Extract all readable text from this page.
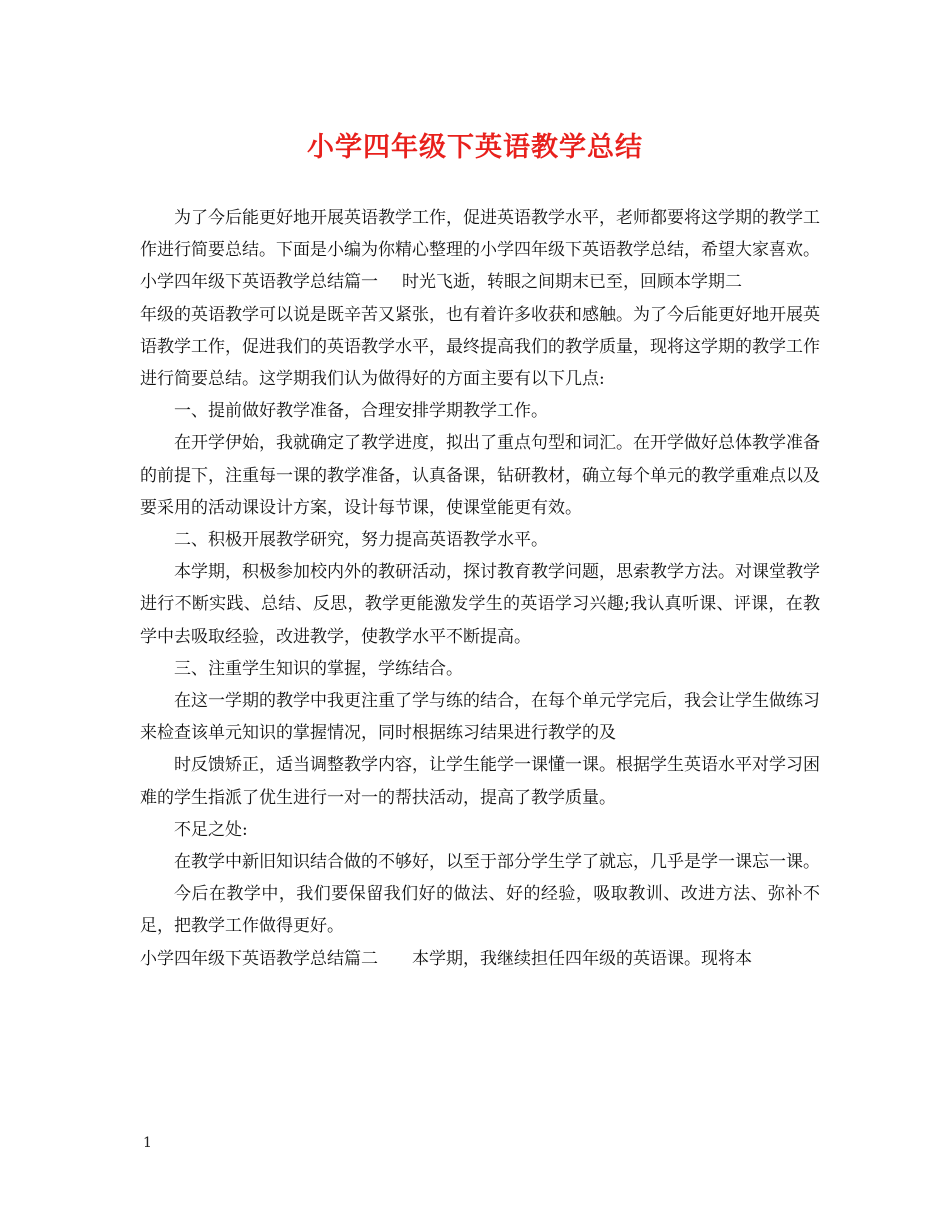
小学四年级下英语教学总结

为了今后能更好地开展英语教学工作，促进英语教学水平，老师都要将这学期的教学工作进行简要总结。下面是小编为你精心整理的小学四年级下英语教学总结，希望大家喜欢。

小学四年级下英语教学总结篇一 时光飞逝，转眼之间期末已至，回顾本学期二

年级的英语教学可以说是既辛苦又紧张，也有着许多收获和感触。为了今后能更好地开展英语教学工作，促进我们的英语教学水平，最终提高我们的教学质量，现将这学期的教学工作进行简要总结。这学期我们认为做得好的方面主要有以下几点:

一、提前做好教学准备，合理安排学期教学工作。

在开学伊始，我就确定了教学进度，拟出了重点句型和词汇。在开学做好总体教学准备的前提下，注重每一课的教学准备，认真备课，钻研教材，确立每个单元的教学重难点以及要采用的活动课设计方案，设计每节课，使课堂能更有效。

二、积极开展教学研究，努力提高英语教学水平。

本学期，积极参加校内外的教研活动，探讨教育教学问题，思索教学方法。对课堂教学进行不断实践、总结、反思，教学更能激发学生的英语学习兴趣;我认真听课、评课，在教学中去吸取经验，改进教学，使教学水平不断提高。

三、注重学生知识的掌握，学练结合。

在这一学期的教学中我更注重了学与练的结合，在每个单元学完后，我会让学生做练习来检查该单元知识的掌握情况，同时根据练习结果进行教学的及

时反馈矫正，适当调整教学内容，让学生能学一课懂一课。根据学生英语水平对学习困难的学生指派了优生进行一对一的帮扶活动，提高了教学质量。

不足之处:

在教学中新旧知识结合做的不够好，以至于部分学生学了就忘，几乎是学一课忘一课。

今后在教学中，我们要保留我们好的做法、好的经验，吸取教训、改进方法、弥补不足，把教学工作做得更好。

小学四年级下英语教学总结篇二 本学期，我继续担任四年级的英语课。现将本

1
